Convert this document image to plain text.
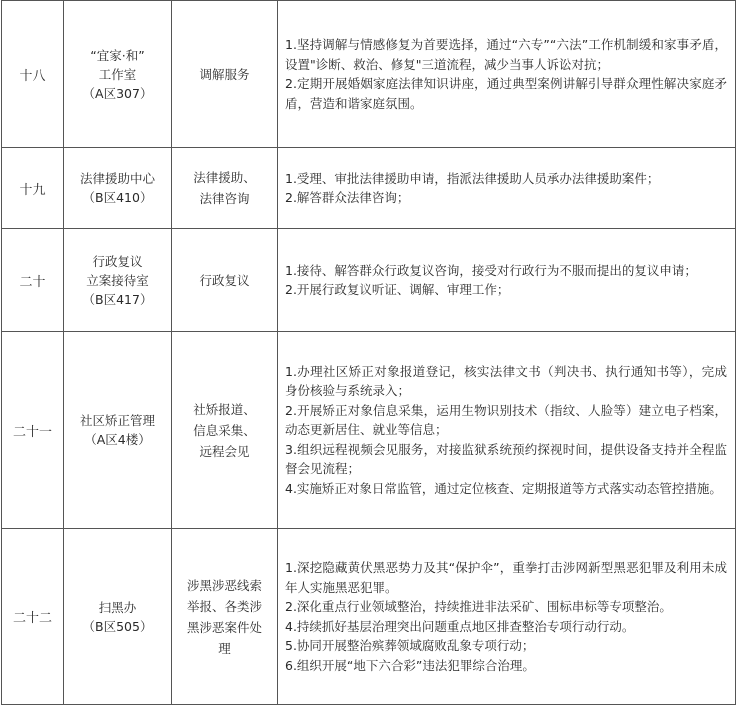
十八	“宜家·和”
工作室
（A区307）	调解服务	1.坚持调解与情感修复为首要选择，通过“六专”“六法”工作机制缓和家事矛盾，设置"诊断、救治、修复"三道流程，减少当事人诉讼对抗；
2.定期开展婚姻家庭法律知识讲座，通过典型案例讲解引导群众理性解决家庭矛盾，营造和谐家庭氛围。

十九	法律援助中心
（B区410）	法律援助、
法律咨询	1.受理、审批法律援助申请，指派法律援助人员承办法律援助案件；
2.解答群众法律咨询；

二十	行政复议
立案接待室
（B区417）	行政复议	1.接待、解答群众行政复议咨询，接受对行政行为不服而提出的复议申请；
2.开展行政复议听证、调解、审理工作；

二十一	社区矫正管理
（A区4楼）	社矫报道、
信息采集、
远程会见	1.办理社区矫正对象报道登记，核实法律文书（判决书、执行通知书等），完成身份核验与系统录入；
2.开展矫正对象信息采集，运用生物识别技术（指纹、人脸等）建立电子档案，动态更新居住、就业等信息；
3.组织远程视频会见服务，对接监狱系统预约探视时间，提供设备支持并全程监督会见流程；
4.实施矫正对象日常监管，通过定位核查、定期报道等方式落实动态管控措施。

二十二	扫黑办
（B区505）	涉黑涉恶线索
举报、各类涉
黑涉恶案件处
理	1.深挖隐藏黄伏黑恶势力及其“保护伞”，重拳打击涉网新型黑恶犯罪及利用未成年人实施黑恶犯罪。
2.深化重点行业领域整治，持续推进非法采矿、围标串标等专项整治。
4.持续抓好基层治理突出问题重点地区排查整治专项行动行动。
5.协同开展整治殡葬领域腐败乱象专项行动；
6.组织开展“地下六合彩”违法犯罪综合治理。
